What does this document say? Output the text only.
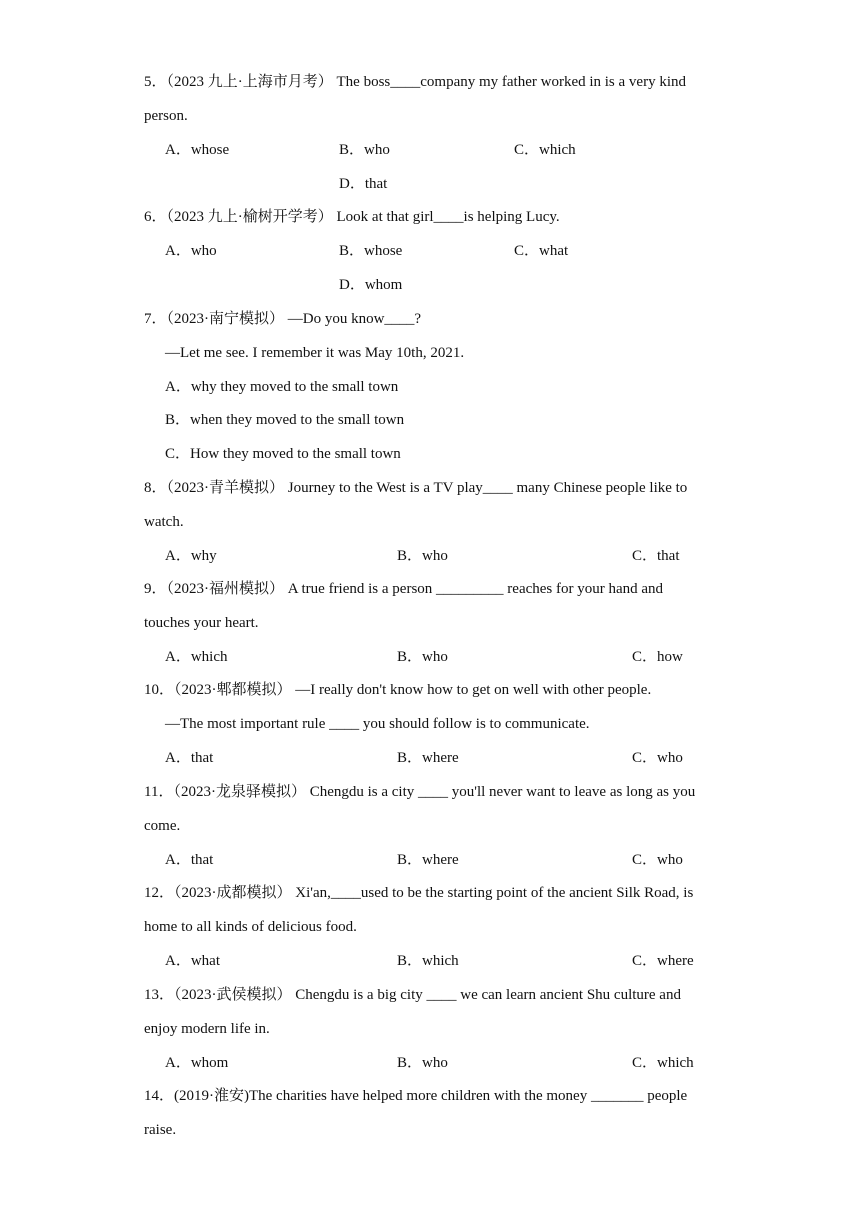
5．（2023 九上·上海市月考） The boss____company my father worked in is a very kind
person.
A．whose	B．who	C．which
D．that
6．（2023 九上·榆树开学考） Look at that girl____is helping Lucy.
A．who	B．whose	C．what
D．whom
7．（2023·南宁模拟） —Do you know____?
—Let me see. I remember it was May 10th, 2021.
A．why they moved to the small town
B．when they moved to the small town
C．How they moved to the small town
8．（2023·青羊模拟） Journey to the West is a TV play____ many Chinese people like to
watch.
A．why	B．who	C．that
9．（2023·福州模拟） A true friend is a person _________ reaches for your hand and
touches your heart.
A．which	B．who	C．how
10．（2023·郫都模拟） —I really don't know how to get on well with other people.
—The most important rule ____ you should follow is to communicate.
A．that	B．where	C．who
11．（2023·龙泉驿模拟） Chengdu is a city ____ you'll never want to leave as long as you
come.
A．that	B．where	C．who
12．（2023·成都模拟） Xi'an,____used to be the starting point of the ancient Silk Road, is
home to all kinds of delicious food.
A．what	B．which	C．where
13．（2023·武侯模拟） Chengdu is a big city ____ we can learn ancient Shu culture and
enjoy modern life in.
A．whom	B．who	C．which
14．(2019·淮安)The charities have helped more children with the money _______ people
raise.
